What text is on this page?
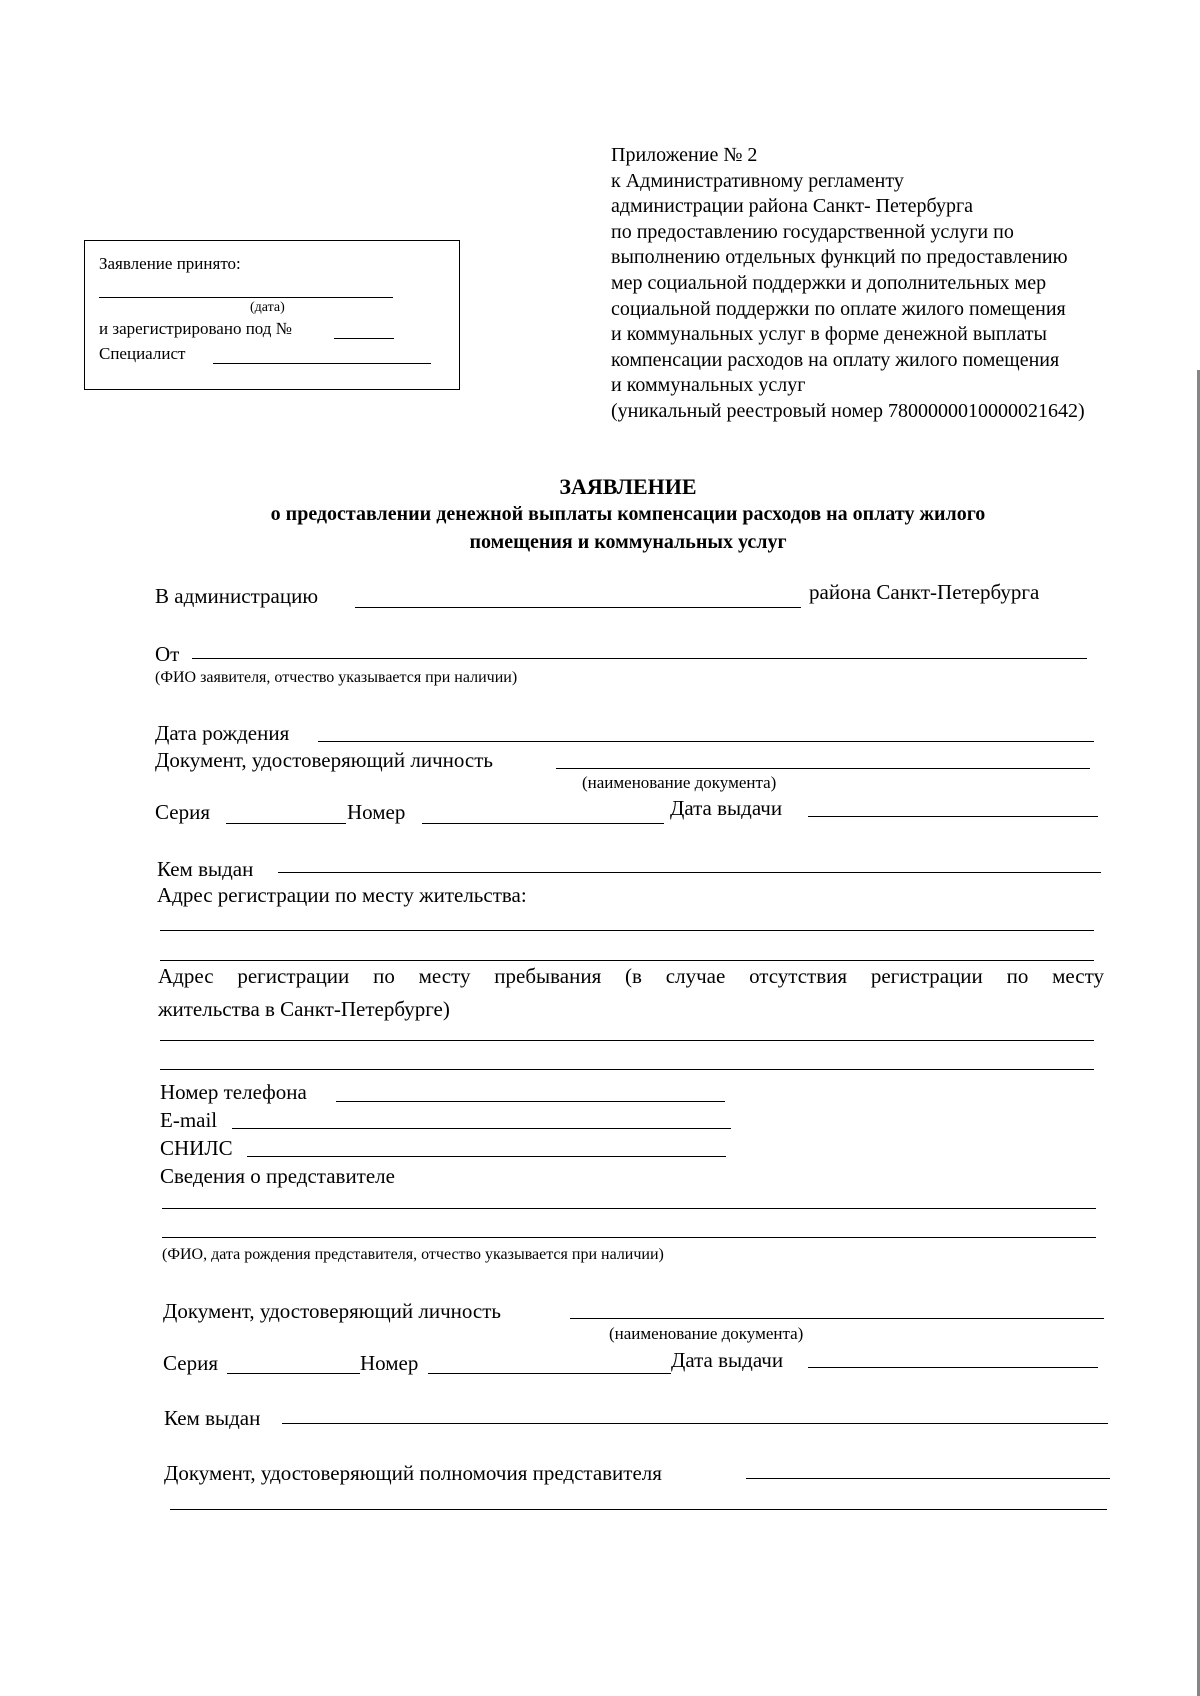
Приложение № 2
к Административному регламенту
администрации района Санкт- Петербурга
по предоставлению государственной услуги по
выполнению отдельных функций по предоставлению
мер социальной поддержки и дополнительных мер
социальной поддержки по оплате жилого помещения
и коммунальных услуг в форме денежной выплаты
компенсации расходов на оплату жилого помещения
и коммунальных услуг
(уникальный реестровый номер 7800000010000021642)
Заявление принято:
(дата)
и зарегистрировано под №
Специалист
ЗАЯВЛЕНИЕ
о предоставлении денежной выплаты компенсации расходов на оплату жилого
помещения и коммунальных услуг
В администрацию	района Санкт-Петербурга
От
(ФИО заявителя, отчество указывается при наличии)
Дата рождения
Документ, удостоверяющий личность
(наименование документа)
Серия	Номер	Дата выдачи
Кем выдан
Адрес регистрации по месту жительства:
Адрес регистрации по месту пребывания (в случае отсутствия регистрации по месту
жительства в Санкт-Петербурге)
Номер телефона
E-mail
СНИЛС
Сведения о представителе
(ФИО, дата рождения представителя, отчество указывается при наличии)
Документ, удостоверяющий личность
(наименование документа)
Серия	Номер	Дата выдачи
Кем выдан
Документ, удостоверяющий полномочия представителя
